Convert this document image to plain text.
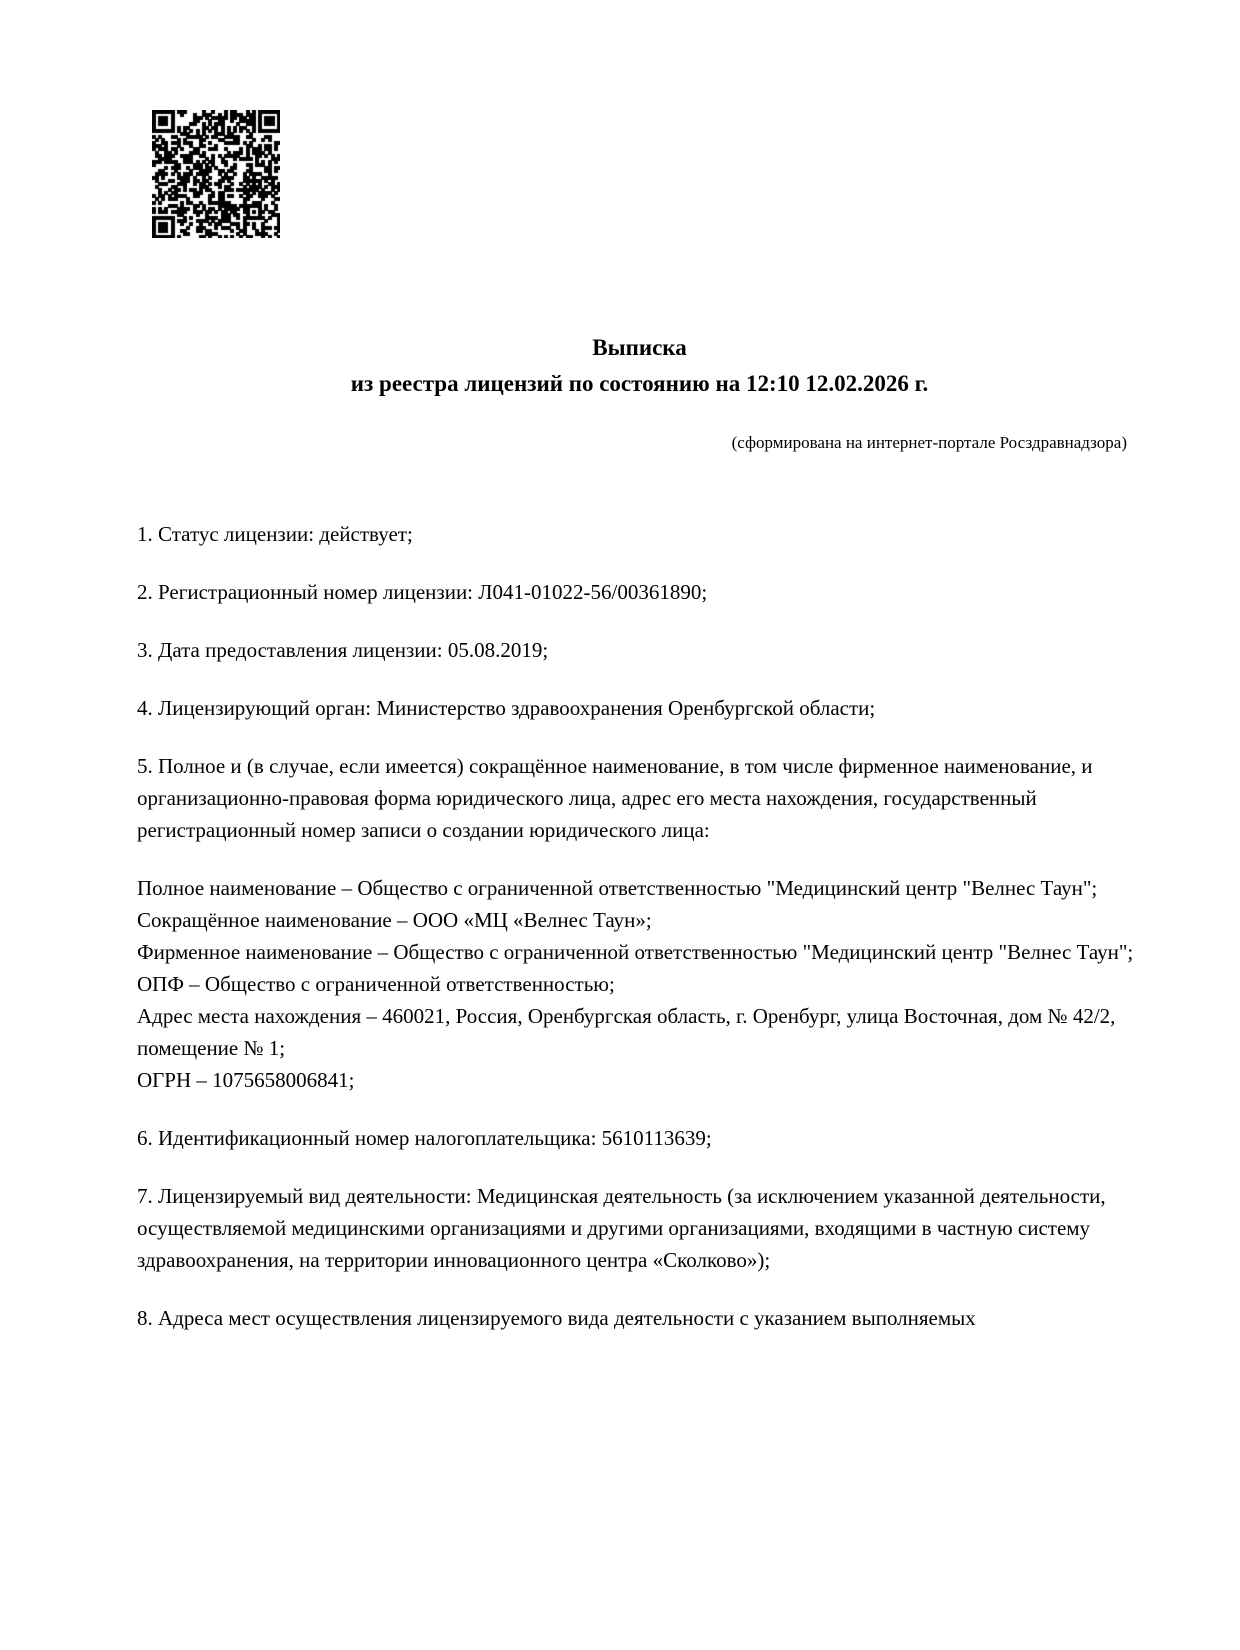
Выписка
из реестра лицензий по состоянию на 12:10 12.02.2026 г.
(сформирована на интернет-портале Росздравнадзора)

1. Статус лицензии: действует;

2. Регистрационный номер лицензии: Л041-01022-56/00361890;

3. Дата предоставления лицензии: 05.08.2019;

4. Лицензирующий орган: Министерство здравоохранения Оренбургской области;

5. Полное и (в случае, если имеется) сокращённое наименование, в том числе фирменное наименование, и организационно-правовая форма юридического лица, адрес его места нахождения, государственный регистрационный номер записи о создании юридического лица:

Полное наименование – Общество с ограниченной ответственностью "Медицинский центр "Велнес Таун";
Сокращённое наименование – ООО «МЦ «Велнес Таун»;
Фирменное наименование – Общество с ограниченной ответственностью "Медицинский центр "Велнес Таун";
ОПФ – Общество с ограниченной ответственностью;
Адрес места нахождения – 460021, Россия, Оренбургская область, г. Оренбург, улица Восточная, дом № 42/2, помещение № 1;
ОГРН – 1075658006841;

6. Идентификационный номер налогоплательщика: 5610113639;

7. Лицензируемый вид деятельности: Медицинская деятельность (за исключением указанной деятельности, осуществляемой медицинскими организациями и другими организациями, входящими в частную систему здравоохранения, на территории инновационного центра «Сколково»);

8. Адреса мест осуществления лицензируемого вида деятельности с указанием выполняемых
